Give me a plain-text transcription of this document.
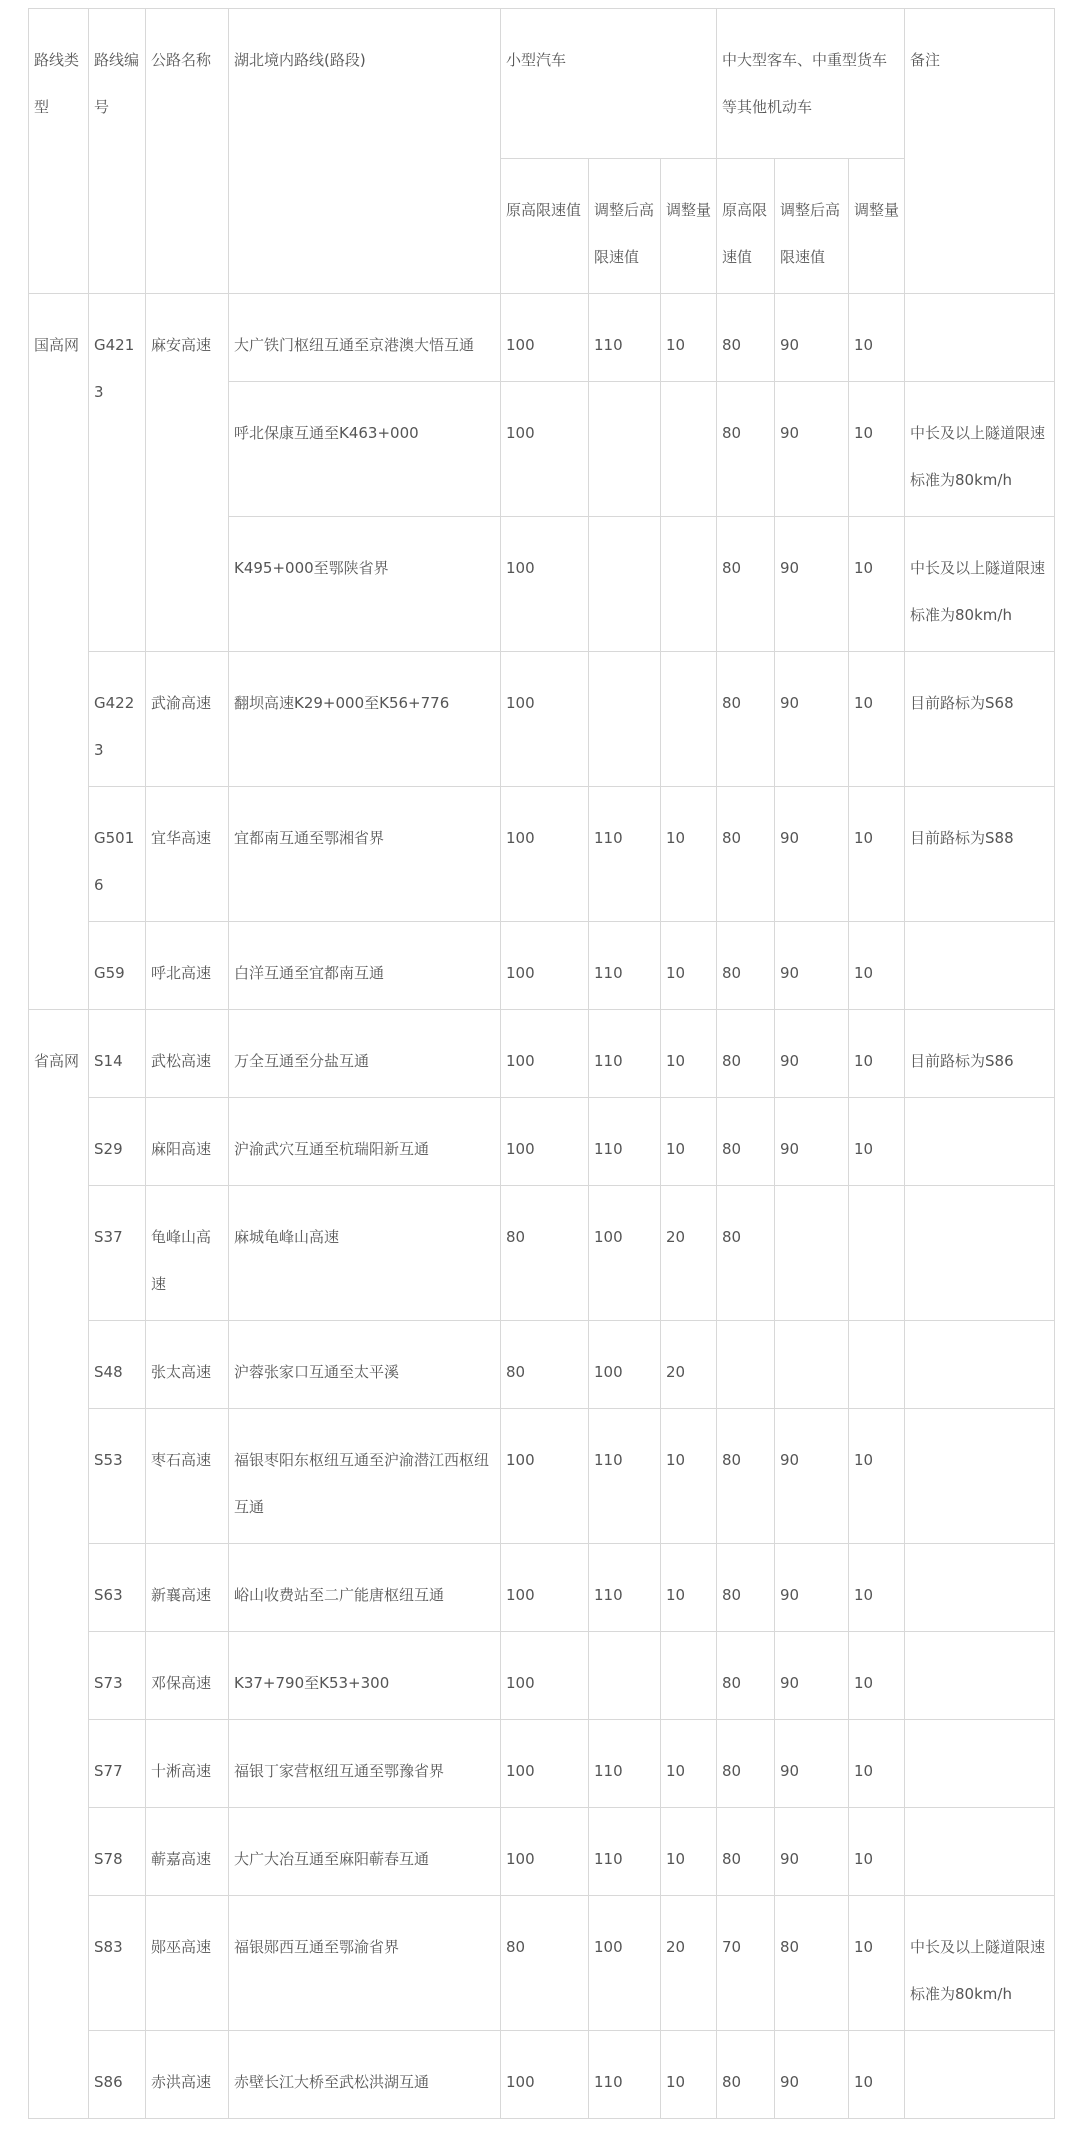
路线类型	路线编号	公路名称	湖北境内路线(路段)	小型汽车			中大型客车、中重型货车等其他机动车			备注
				原高限速值	调整后高限速值	调整量	原高限速值	调整后高限速值	调整量	
国高网	G4213	麻安高速	大广铁门枢纽互通至京港澳大悟互通	100	110	10	80	90	10	
			呼北保康互通至K463+000	100			80	90	10	中长及以上隧道限速标准为80km/h
			K495+000至鄂陕省界	100			80	90	10	中长及以上隧道限速标准为80km/h
	G4223	武渝高速	翻坝高速K29+000至K56+776	100			80	90	10	目前路标为S68
	G5016	宜华高速	宜都南互通至鄂湘省界	100	110	10	80	90	10	目前路标为S88
	G59	呼北高速	白洋互通至宜都南互通	100	110	10	80	90	10	
省高网	S14	武松高速	万全互通至分盐互通	100	110	10	80	90	10	目前路标为S86
	S29	麻阳高速	沪渝武穴互通至杭瑞阳新互通	100	110	10	80	90	10	
	S37	龟峰山高速	麻城龟峰山高速	80	100	20	80			
	S48	张太高速	沪蓉张家口互通至太平溪	80	100	20				
	S53	枣石高速	福银枣阳东枢纽互通至沪渝潜江西枢纽互通	100	110	10	80	90	10	
	S63	新襄高速	峪山收费站至二广能唐枢纽互通	100	110	10	80	90	10	
	S73	邓保高速	K37+790至K53+300	100			80	90	10	
	S77	十淅高速	福银丁家营枢纽互通至鄂豫省界	100	110	10	80	90	10	
	S78	蕲嘉高速	大广大冶互通至麻阳蕲春互通	100	110	10	80	90	10	
	S83	郧巫高速	福银郧西互通至鄂渝省界	80	100	20	70	80	10	中长及以上隧道限速标准为80km/h
	S86	赤洪高速	赤壁长江大桥至武松洪湖互通	100	110	10	80	90	10	
